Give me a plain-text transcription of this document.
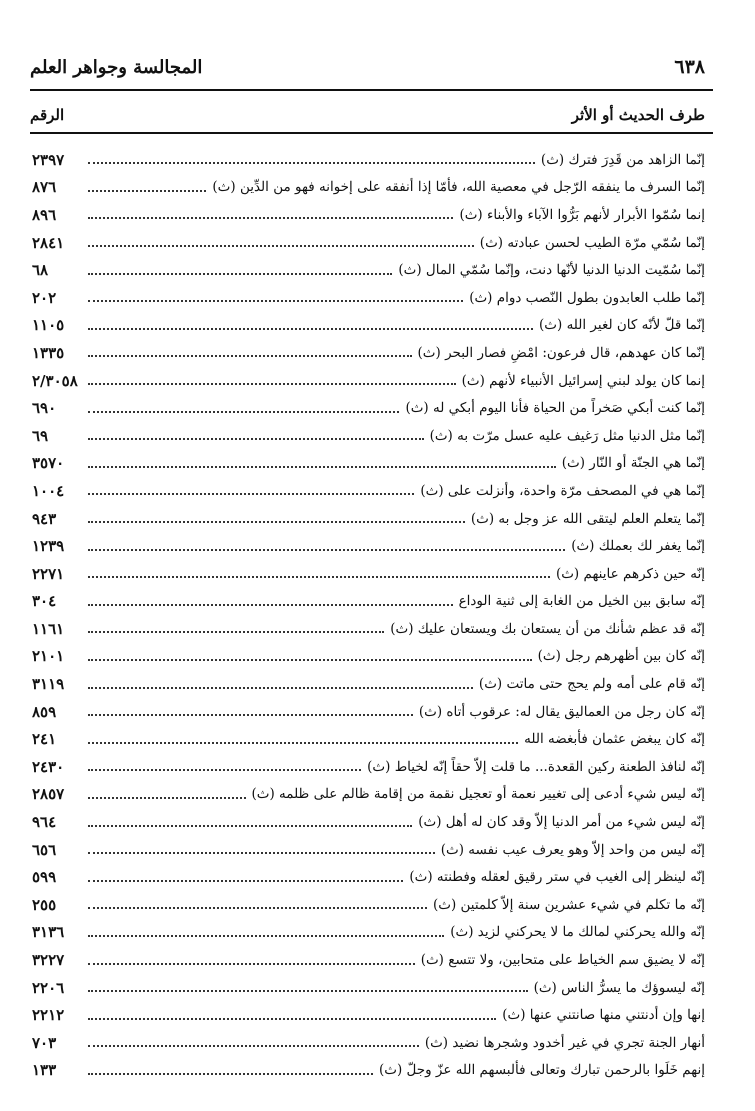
٦٣٨
المجالسة وجواهر العلم
طرف الحديث أو الأثر
الرقم
إنّما الزاهد من قَدِرَ فترك (ث)
٢٣٩٧
إنّما السرف ما ينفقه الرّجل في معصية الله، فأمّا إذا أنفقه على إخوانه فهو من الدِّين (ث)
٨٧٦
إنما سُمّوا الأبرار لأنهم بَرُّوا الآباء والأبناء (ث)
٨٩٦
إنّما سُمّي مرّة الطيب لحسن عبادته (ث)
٢٨٤١
إنّما سُمّيت الدنيا الدنيا لأنّها دنت، وإنّما سُمّي المال (ث)
٦٨
إنّما طلب العابدون بطول النّصب دوام (ث)
٢٠٢
إنّما قلّ لأنّه كان لغير الله (ث)
١١٠٥
إنّما كان عهدهم، قال فرعون: امْضِ فصار البحر (ث)
١٣٣٥
إنما كان يولد لبني إسرائيل الأنبياء لأنهم (ث)
٢/٣٠٥٨
إنّما كنت أبكي صَخراً من الحياة فأنا اليوم أبكي له (ث)
٦٩٠
إنّما مثل الدنيا مثل رَغيف عليه عسل مرّت به (ث)
٦٩
إنّما هي الجنّة أو النّار (ث)
٣٥٧٠
إنّما هي في المصحف مرّة واحدة، وأنزلت على (ث)
١٠٠٤
إنّما يتعلم العلم ليتقى الله عز وجل به (ث)
٩٤٣
إنّما يغفر لك بعملك (ث)
١٢٣٩
إنّه حين ذكرهم عاينهم (ث)
٢٢٧١
إنّه سابق بين الخيل من الغابة إلى ثنية الوداع
٣٠٤
إنّه قد عظم شأنك من أن يستعان بك ويستعان عليك (ث)
١١٦١
إنّه كان بين أظهرهم رجل (ث)
٢١٠١
إنّه قام على أمه ولم يحج حتى ماتت (ث)
٣١١٩
إنّه كان رجل من العماليق يقال له: عرقوب أتاه (ث)
٨٥٩
إنّه كان يبغض عثمان فأبغضه الله
٢٤١
إنّه لنافذ الطعنة ركين القعدة... ما قلت إلاّ حقاً إنّه لخياط (ث)
٢٤٣٠
إنّه ليس شيء أدعى إلى تغيير نعمة أو تعجيل نقمة من إقامة ظالم على ظلمه (ث)
٢٨٥٧
إنّه ليس شيء من أمر الدنيا إلاّ وقد كان له أهل (ث)
٩٦٤
إنّه ليس من واحد إلاّ وهو يعرف عيب نفسه (ث)
٦٥٦
إنّه لينظر إلى الغيب في ستر رقيق لعقله وفطنته (ث)
٥٩٩
إنّه ما تكلم في شيء عشرين سنة إلاّ كلمتين (ث)
٢٥٥
إنّه والله يحركني لمالك ما لا يحركني لزيد (ث)
٣١٣٦
إنّه لا يضيق سم الخياط على متحابين، ولا تتسع (ث)
٣٢٢٧
إنّه ليسوؤك ما يسرُّ الناس (ث)
٢٢٠٦
إنها وإن أدنتني منها صانتني عنها (ث)
٢٢١٢
أنهار الجنة تجري في غير أخدود وشجرها نضيد (ث)
٧٠٣
إنهم خَلَوا بالرحمن تبارك وتعالى فألبسهم الله عزّ وجلّ (ث)
١٣٣
